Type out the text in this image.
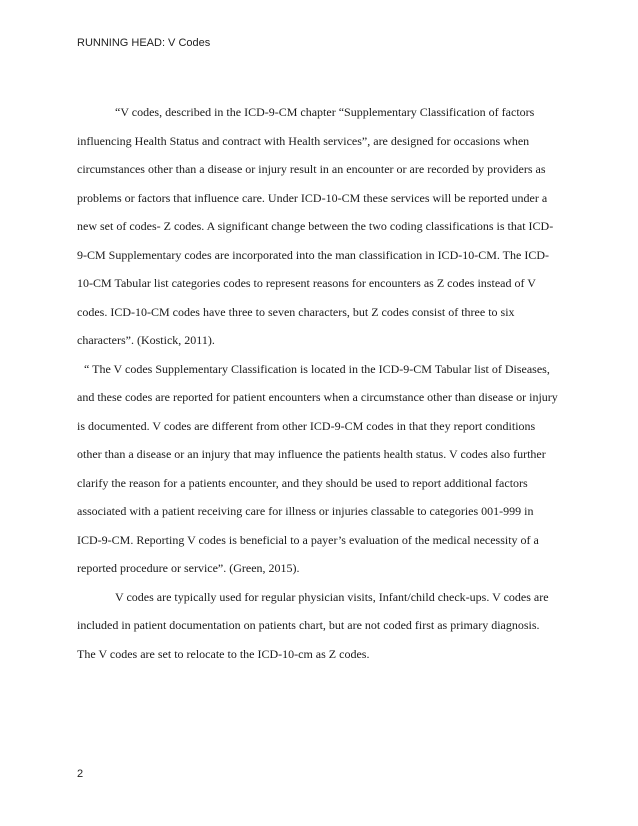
RUNNING HEAD: V Codes

“V codes, described in the ICD-9-CM chapter “Supplementary Classification of factors influencing Health Status and contract with Health services”, are designed for occasions when circumstances other than a disease or injury result in an encounter or are recorded by providers as problems or factors that influence care. Under ICD-10-CM these services will be reported under a new set of codes- Z codes. A significant change between the two coding classifications is that ICD-9-CM Supplementary codes are incorporated into the man classification in ICD-10-CM. The ICD-10-CM Tabular list categories codes to represent reasons for encounters as Z codes instead of V codes. ICD-10-CM codes have three to seven characters, but Z codes consist of three to six characters”. (Kostick, 2011).

“ The V codes Supplementary Classification is located in the ICD-9-CM Tabular list of Diseases, and these codes are reported for patient encounters when a circumstance other than disease or injury is documented. V codes are different from other ICD-9-CM codes in that they report conditions other than a disease or an injury that may influence the patients health status. V codes also further clarify the reason for a patients encounter, and they should be used to report additional factors associated with a patient receiving care for illness or injuries classable to categories 001-999 in ICD-9-CM. Reporting V codes is beneficial to a payer’s evaluation of the medical necessity of a reported procedure or service”. (Green, 2015).

V codes are typically used for regular physician visits, Infant/child check-ups. V codes are included in patient documentation on patients chart, but are not coded first as primary diagnosis. The V codes are set to relocate to the ICD-10-cm as Z codes.

2
